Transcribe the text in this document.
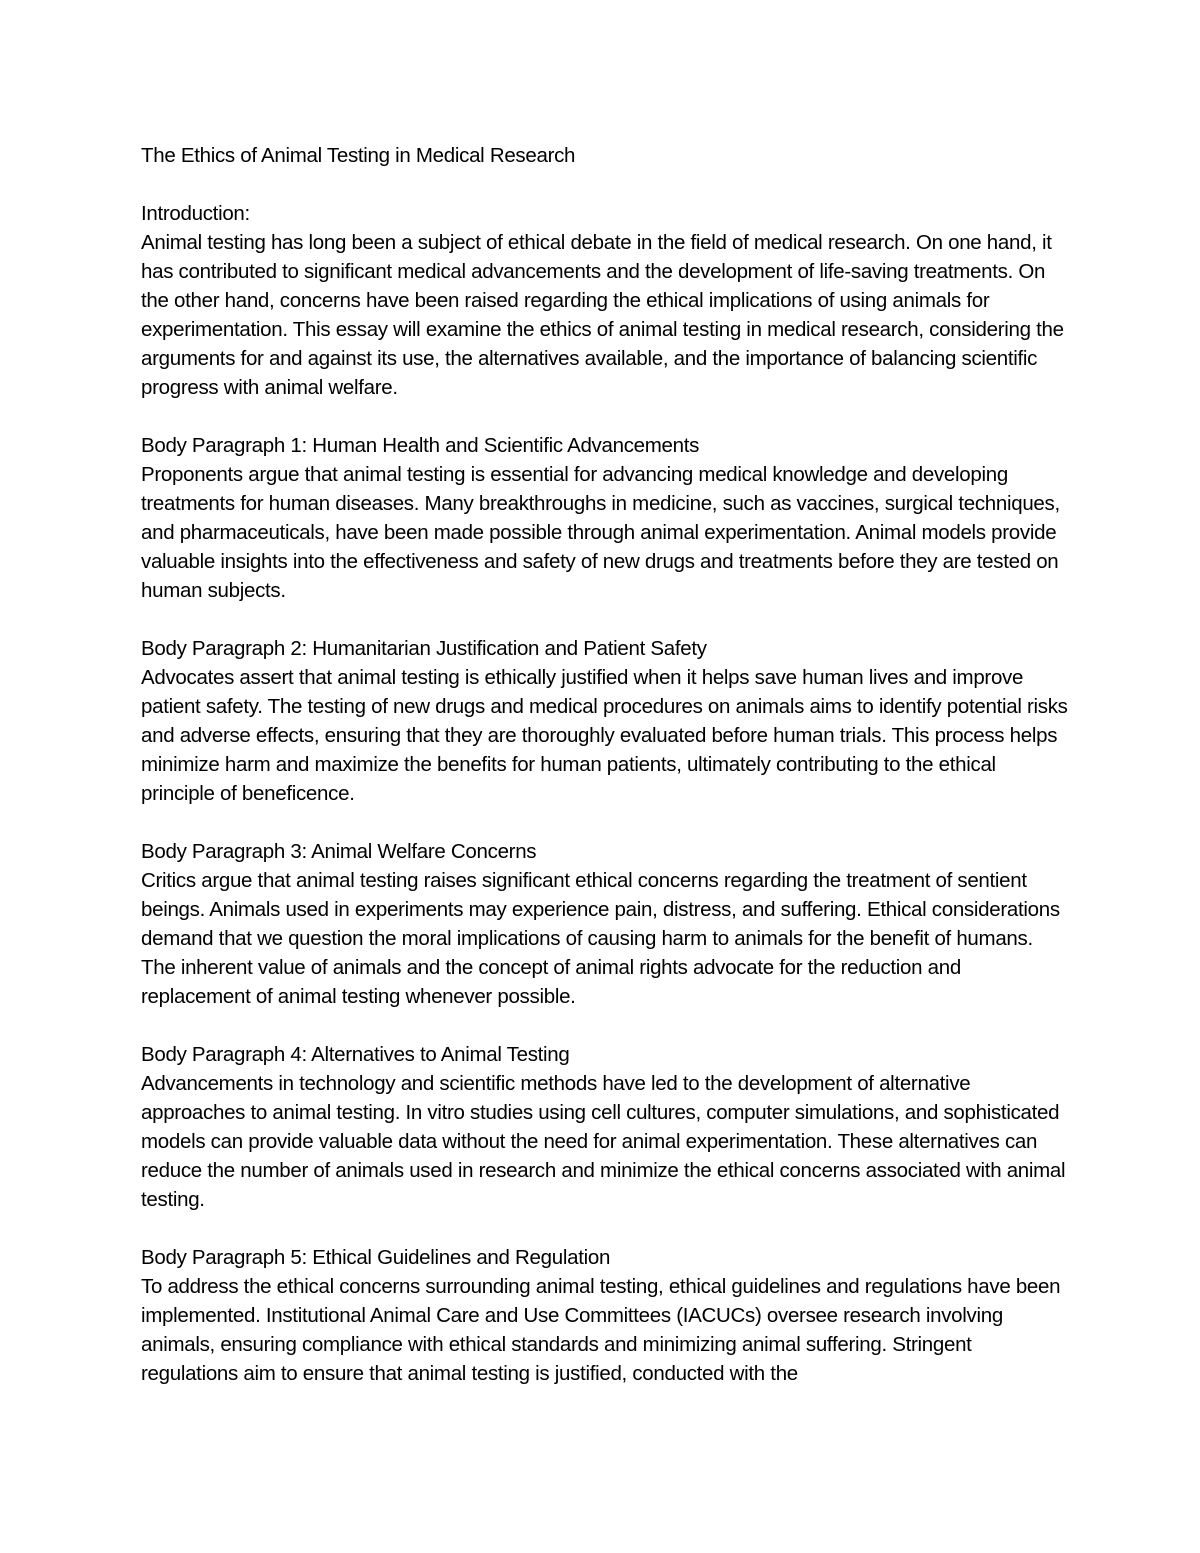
The Ethics of Animal Testing in Medical Research

Introduction:

Animal testing has long been a subject of ethical debate in the field of medical research. On one hand, it has contributed to significant medical advancements and the development of life-saving treatments. On the other hand, concerns have been raised regarding the ethical implications of using animals for experimentation. This essay will examine the ethics of animal testing in medical research, considering the arguments for and against its use, the alternatives available, and the importance of balancing scientific progress with animal welfare.

Body Paragraph 1: Human Health and Scientific Advancements

Proponents argue that animal testing is essential for advancing medical knowledge and developing treatments for human diseases. Many breakthroughs in medicine, such as vaccines, surgical techniques, and pharmaceuticals, have been made possible through animal experimentation. Animal models provide valuable insights into the effectiveness and safety of new drugs and treatments before they are tested on human subjects.

Body Paragraph 2: Humanitarian Justification and Patient Safety

Advocates assert that animal testing is ethically justified when it helps save human lives and improve patient safety. The testing of new drugs and medical procedures on animals aims to identify potential risks and adverse effects, ensuring that they are thoroughly evaluated before human trials. This process helps minimize harm and maximize the benefits for human patients, ultimately contributing to the ethical principle of beneficence.

Body Paragraph 3: Animal Welfare Concerns

Critics argue that animal testing raises significant ethical concerns regarding the treatment of sentient beings. Animals used in experiments may experience pain, distress, and suffering. Ethical considerations demand that we question the moral implications of causing harm to animals for the benefit of humans. The inherent value of animals and the concept of animal rights advocate for the reduction and replacement of animal testing whenever possible.

Body Paragraph 4: Alternatives to Animal Testing

Advancements in technology and scientific methods have led to the development of alternative approaches to animal testing. In vitro studies using cell cultures, computer simulations, and sophisticated models can provide valuable data without the need for animal experimentation. These alternatives can reduce the number of animals used in research and minimize the ethical concerns associated with animal testing.

Body Paragraph 5: Ethical Guidelines and Regulation

To address the ethical concerns surrounding animal testing, ethical guidelines and regulations have been implemented. Institutional Animal Care and Use Committees (IACUCs) oversee research involving animals, ensuring compliance with ethical standards and minimizing animal suffering. Stringent regulations aim to ensure that animal testing is justified, conducted with the
